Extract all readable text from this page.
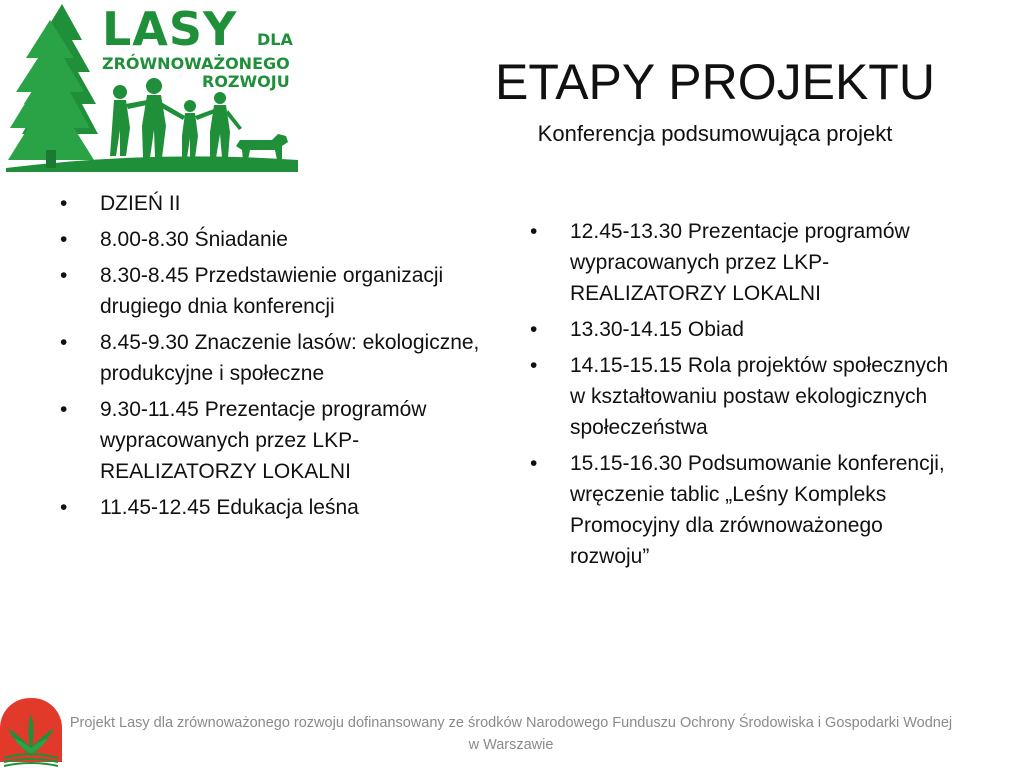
LASY DLA
ZRÓWNOWAŻONEGO
ROZWOJU	ETAPY PROJEKTU
Konferencja podsumowująca projekt
• DZIEŃ II
• 8.00-8.30 Śniadanie
• 8.30-8.45 Przedstawienie organizacji drugiego dnia konferencji
• 8.45-9.30 Znaczenie lasów: ekologiczne, produkcyjne i społeczne
• 9.30-11.45 Prezentacje programów wypracowanych przez LKP-REALIZATORZY LOKALNI
• 11.45-12.45 Edukacja leśna
• 12.45-13.30 Prezentacje programów wypracowanych przez LKP-REALIZATORZY LOKALNI
• 13.30-14.15 Obiad
• 14.15-15.15 Rola projektów społecznych w kształtowaniu postaw ekologicznych społeczeństwa
• 15.15-16.30 Podsumowanie konferencji, wręczenie tablic „Leśny Kompleks Promocyjny dla zrównoważonego rozwoju”
Projekt Lasy dla zrównoważonego rozwoju dofinansowany ze środków Narodowego Funduszu Ochrony Środowiska i Gospodarki Wodnej w Warszawie
